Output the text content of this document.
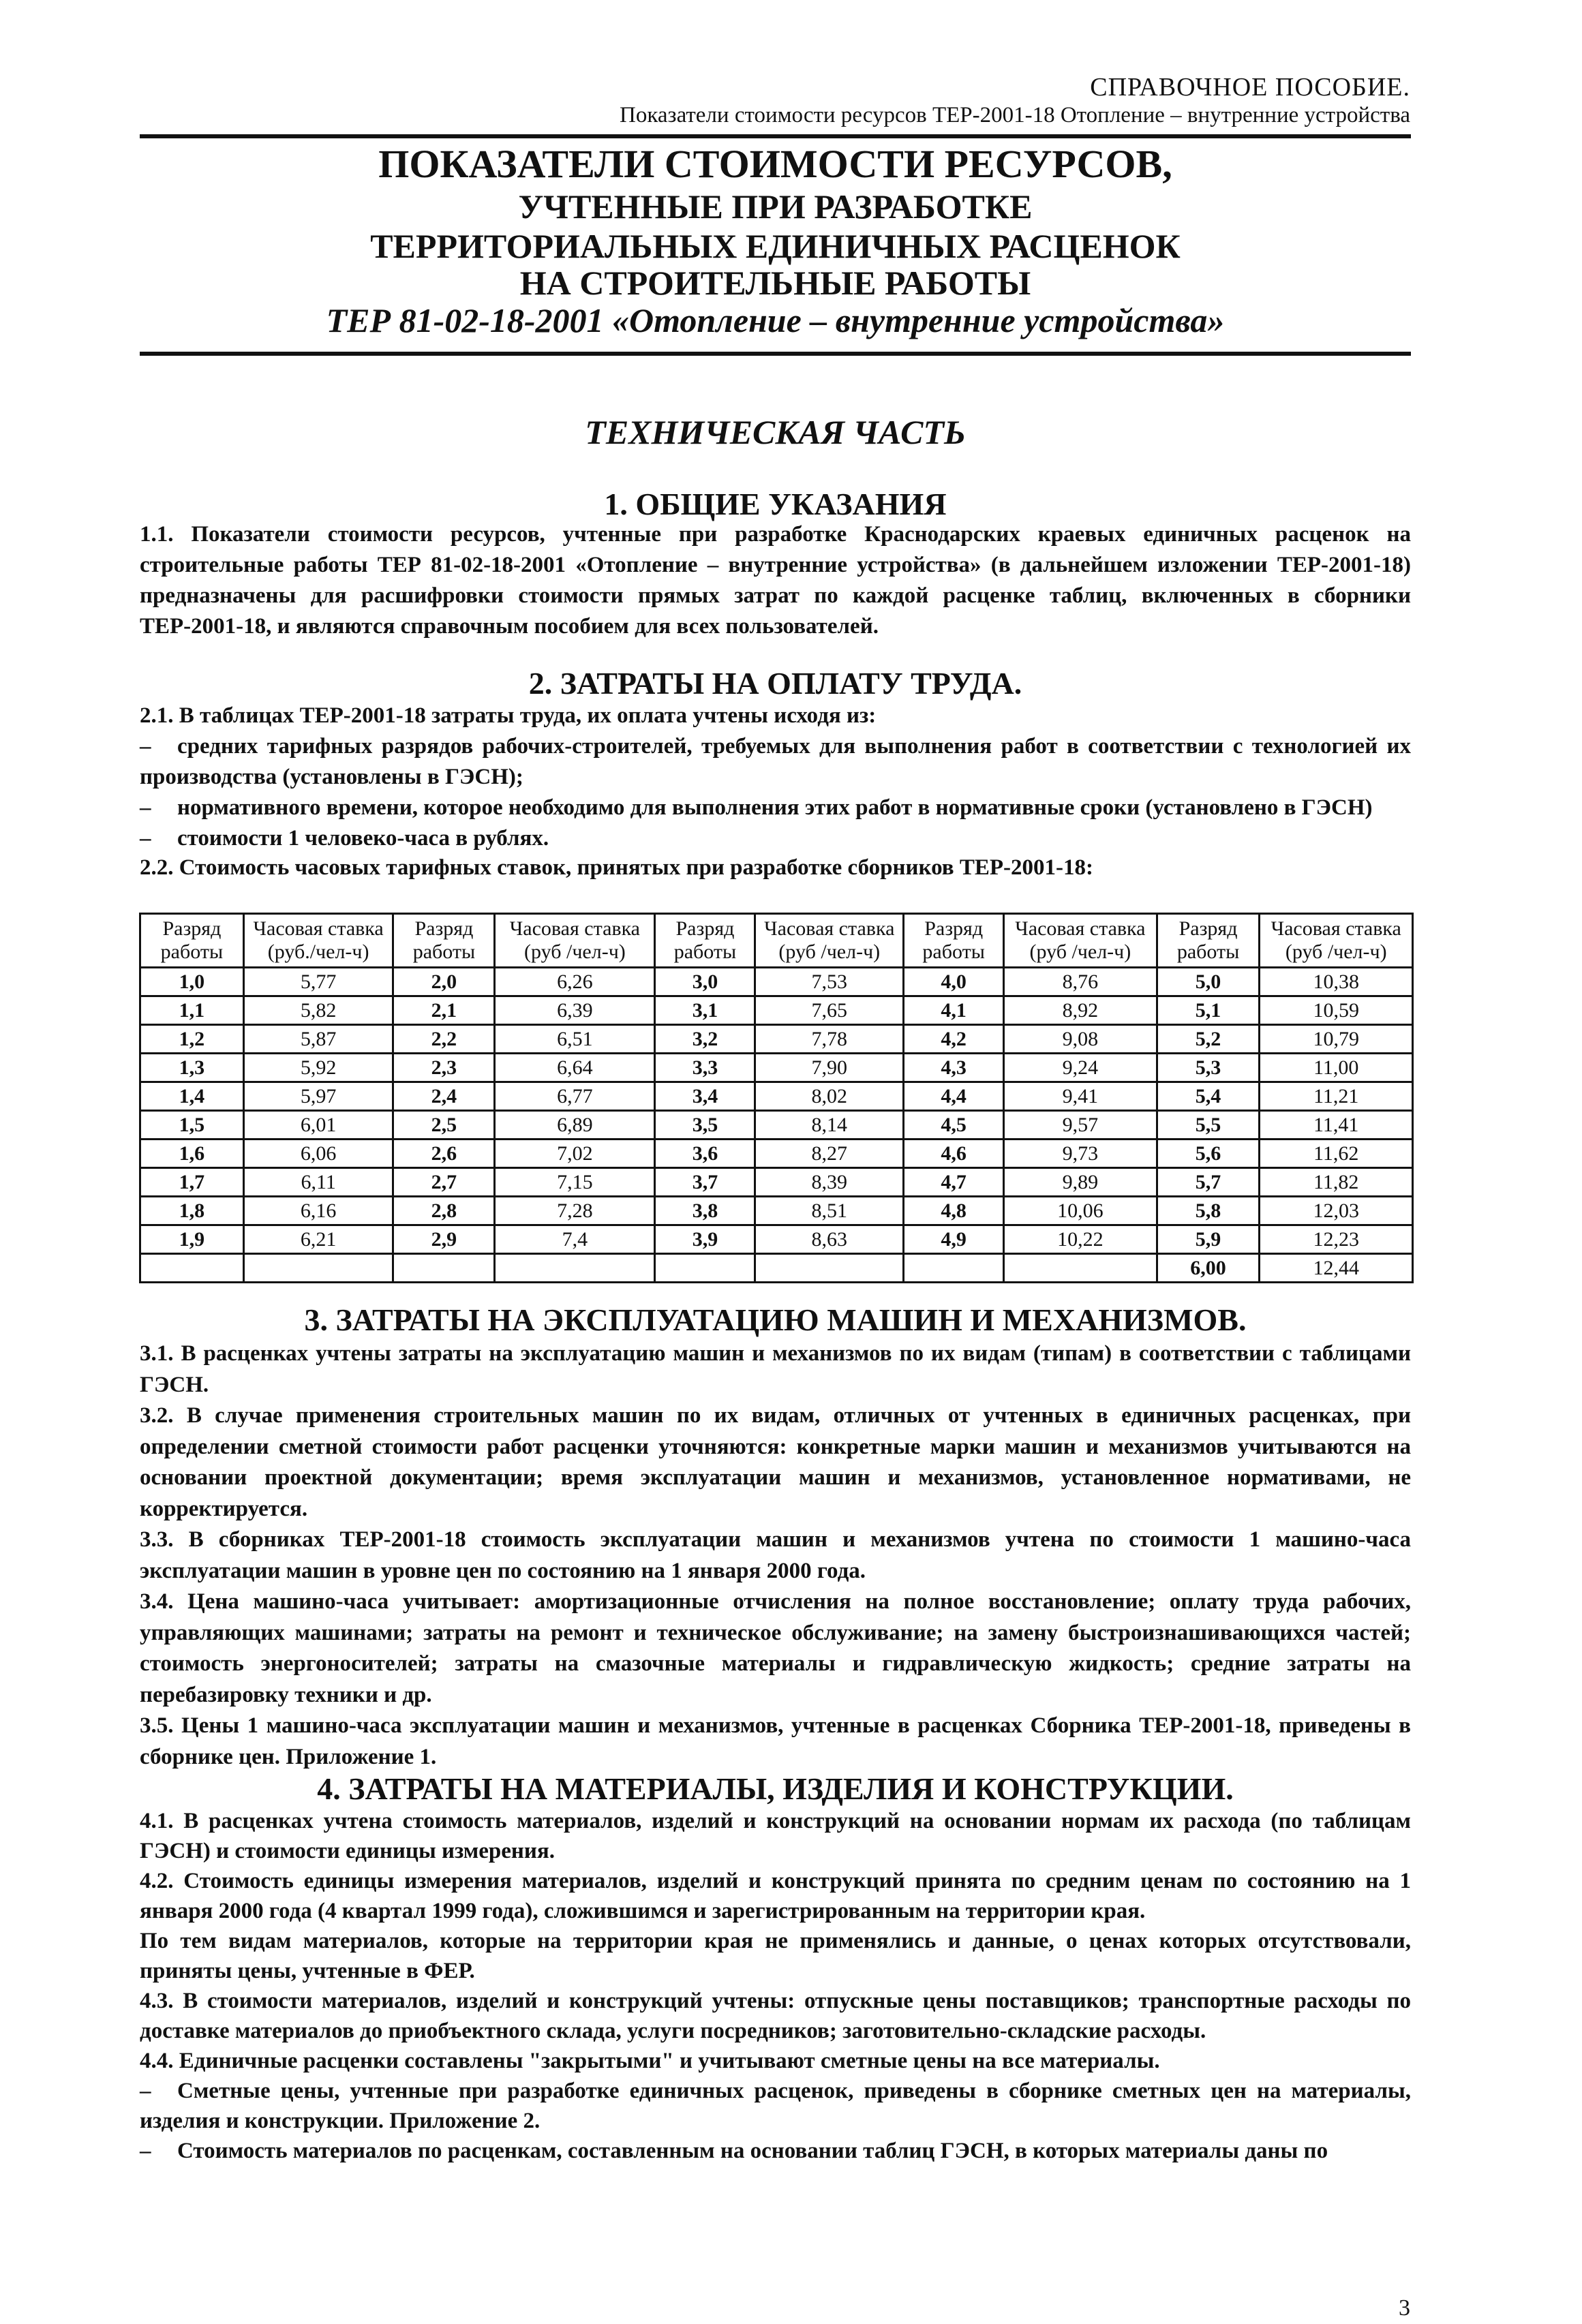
СПРАВОЧНОЕ ПОСОБИЕ.
Показатели стоимости ресурсов ТЕР-2001-18 Отопление – внутренние устройства
ПОКАЗАТЕЛИ СТОИМОСТИ РЕСУРСОВ,
УЧТЕННЫЕ ПРИ РАЗРАБОТКЕ
ТЕРРИТОРИАЛЬНЫХ ЕДИНИЧНЫХ РАСЦЕНОК
НА СТРОИТЕЛЬНЫЕ РАБОТЫ
ТЕР 81-02-18-2001 «Отопление – внутренние устройства»
ТЕХНИЧЕСКАЯ ЧАСТЬ
1. ОБЩИЕ УКАЗАНИЯ

1.1. Показатели стоимости ресурсов, учтенные при разработке Краснодарских краевых единичных расценок на строительные работы ТЕР 81-02-18-2001 «Отопление – внутренние устройства» (в дальнейшем изложении ТЕР-2001-18) предназначены для расшифровки стоимости прямых затрат по каждой расценке таблиц, включенных в сборники ТЕР-2001-18, и являются справочным пособием для всех пользователей.

2. ЗАТРАТЫ НА ОПЛАТУ ТРУДА.

2.1. В таблицах ТЕР-2001-18 затраты труда, их оплата учтены исходя из:

– средних тарифных разрядов рабочих-строителей, требуемых для выполнения работ в соответствии с технологией их производства (установлены в ГЭСН);

– нормативного времени, которое необходимо для выполнения этих работ в нормативные сроки (установлено в ГЭСН)

– стоимости 1 человеко-часа в рублях.

2.2. Стоимость часовых тарифных ставок, принятых при разработке сборников ТЕР-2001-18:

Разряд работы	Часовая ставка (руб./чел-ч)	Разряд работы	Часовая ставка (руб /чел-ч)	Разряд работы	Часовая ставка (руб /чел-ч)	Разряд работы	Часовая ставка (руб /чел-ч)	Разряд работы	Часовая ставка (руб /чел-ч)
1,0	5,77	2,0	6,26	3,0	7,53	4,0	8,76	5,0	10,38
1,1	5,82	2,1	6,39	3,1	7,65	4,1	8,92	5,1	10,59
1,2	5,87	2,2	6,51	3,2	7,78	4,2	9,08	5,2	10,79
1,3	5,92	2,3	6,64	3,3	7,90	4,3	9,24	5,3	11,00
1,4	5,97	2,4	6,77	3,4	8,02	4,4	9,41	5,4	11,21
1,5	6,01	2,5	6,89	3,5	8,14	4,5	9,57	5,5	11,41
1,6	6,06	2,6	7,02	3,6	8,27	4,6	9,73	5,6	11,62
1,7	6,11	2,7	7,15	3,7	8,39	4,7	9,89	5,7	11,82
1,8	6,16	2,8	7,28	3,8	8,51	4,8	10,06	5,8	12,03
1,9	6,21	2,9	7,4	3,9	8,63	4,9	10,22	5,9	12,23
								6,00	12,44
3. ЗАТРАТЫ НА ЭКСПЛУАТАЦИЮ МАШИН И МЕХАНИЗМОВ.

3.1. В расценках учтены затраты на эксплуатацию машин и механизмов по их видам (типам) в соответствии с таблицами ГЭСН.

3.2. В случае применения строительных машин по их видам, отличных от учтенных в единичных расценках, при определении сметной стоимости работ расценки уточняются: конкретные марки машин и механизмов учитываются на основании проектной документации; время эксплуатации машин и механизмов, установленное нормативами, не корректируется.

3.3. В сборниках ТЕР-2001-18 стоимость эксплуатации машин и механизмов учтена по стоимости 1 машино-часа эксплуатации машин в уровне цен по состоянию на 1 января 2000 года.

3.4. Цена машино-часа учитывает: амортизационные отчисления на полное восстановление; оплату труда рабочих, управляющих машинами; затраты на ремонт и техническое обслуживание; на замену быстроизнашивающихся частей; стоимость энергоносителей; затраты на смазочные материалы и гидравлическую жидкость; средние затраты на перебазировку техники и др.

3.5. Цены 1 машино-часа эксплуатации машин и механизмов, учтенные в расценках Сборника ТЕР-2001-18, приведены в сборнике цен. Приложение 1.

4. ЗАТРАТЫ НА МАТЕРИАЛЫ, ИЗДЕЛИЯ И КОНСТРУКЦИИ.

4.1. В расценках учтена стоимость материалов, изделий и конструкций на основании нормам их расхода (по таблицам ГЭСН) и стоимости единицы измерения.

4.2. Стоимость единицы измерения материалов, изделий и конструкций принята по средним ценам по состоянию на 1 января 2000 года (4 квартал 1999 года), сложившимся и зарегистрированным на территории края.

По тем видам материалов, которые на территории края не применялись и данные, о ценах которых отсутствовали, приняты цены, учтенные в ФЕР.

4.3. В стоимости материалов, изделий и конструкций учтены: отпускные цены поставщиков; транспортные расходы по доставке материалов до приобъектного склада, услуги посредников; заготовительно-складские расходы.

4.4. Единичные расценки составлены "закрытыми" и учитывают сметные цены на все материалы.

– Сметные цены, учтенные при разработке единичных расценок, приведены в сборнике сметных цен на материалы, изделия и конструкции. Приложение 2.

– Стоимость материалов по расценкам, составленным на основании таблиц ГЭСН, в которых материалы даны по

3
